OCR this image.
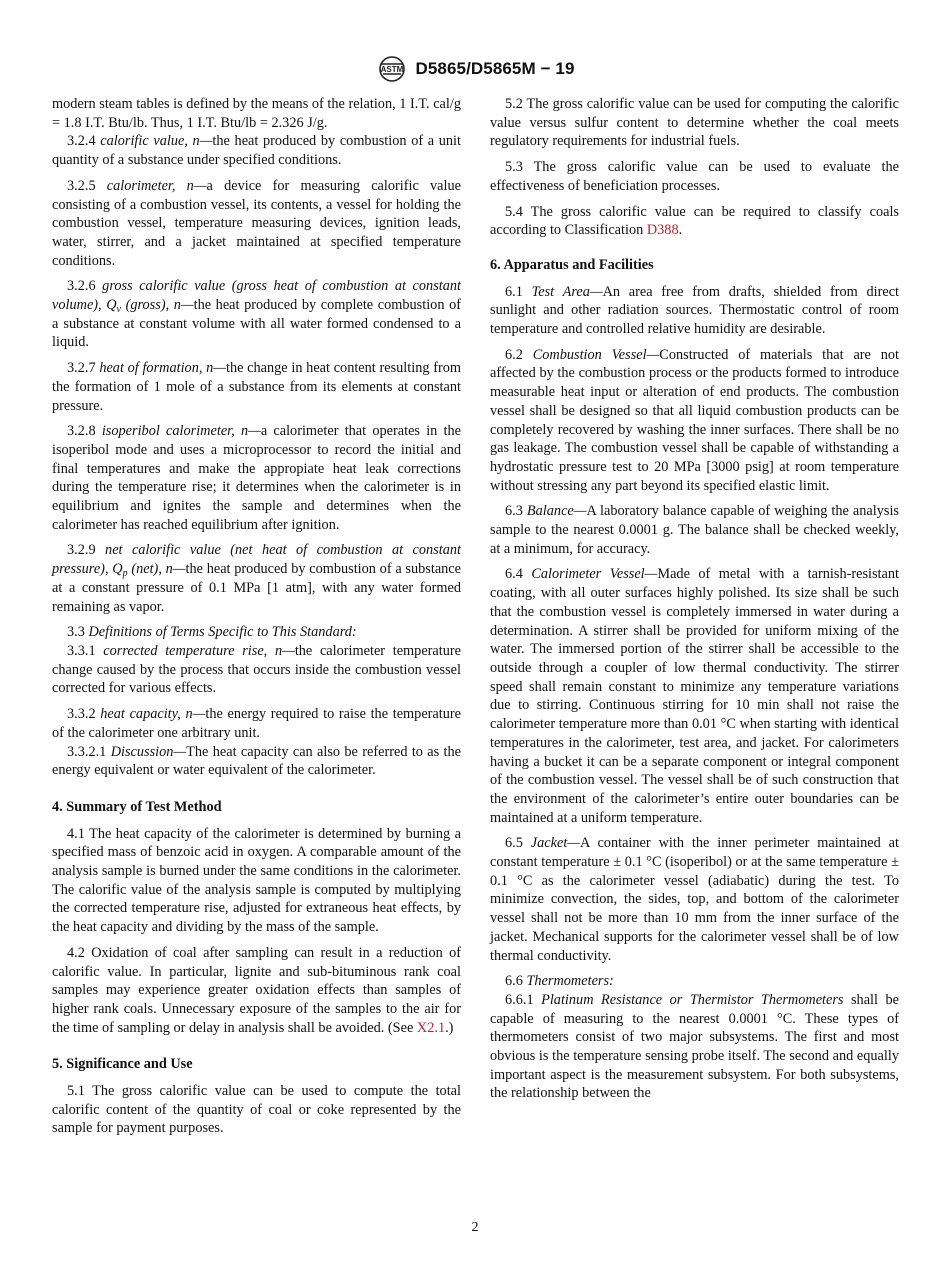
ASTM D5865/D5865M − 19

modern steam tables is defined by the means of the relation, 1 I.T. cal/g = 1.8 I.T. Btu/lb. Thus, 1 I.T. Btu/lb = 2.326 J/g.

3.2.4 calorific value, n—the heat produced by combustion of a unit quantity of a substance under specified conditions.

3.2.5 calorimeter, n—a device for measuring calorific value consisting of a combustion vessel, its contents, a vessel for holding the combustion vessel, temperature measuring devices, ignition leads, water, stirrer, and a jacket maintained at specified temperature conditions.

3.2.6 gross calorific value (gross heat of combustion at constant volume), $Q_v$ (gross), n—the heat produced by complete combustion of a substance at constant volume with all water formed condensed to a liquid.

3.2.7 heat of formation, n—the change in heat content resulting from the formation of 1 mole of a substance from its elements at constant pressure.

3.2.8 isoperibol calorimeter, n—a calorimeter that operates in the isoperibol mode and uses a microprocessor to record the initial and final temperatures and make the appropiate heat leak corrections during the temperature rise; it determines when the calorimeter is in equilibrium and ignites the sample and determines when the calorimeter has reached equilibrium after ignition.

3.2.9 net calorific value (net heat of combustion at constant pressure), $Q_p$ (net), n—the heat produced by combustion of a substance at a constant pressure of 0.1 MPa [1 atm], with any water formed remaining as vapor.

3.3 Definitions of Terms Specific to This Standard:

3.3.1 corrected temperature rise, n—the calorimeter temperature change caused by the process that occurs inside the combustion vessel corrected for various effects.

3.3.2 heat capacity, n—the energy required to raise the temperature of the calorimeter one arbitrary unit.

3.3.2.1 Discussion—The heat capacity can also be referred to as the energy equivalent or water equivalent of the calorimeter.

4. Summary of Test Method

4.1 The heat capacity of the calorimeter is determined by burning a specified mass of benzoic acid in oxygen. A comparable amount of the analysis sample is burned under the same conditions in the calorimeter. The calorific value of the analysis sample is computed by multiplying the corrected temperature rise, adjusted for extraneous heat effects, by the heat capacity and dividing by the mass of the sample.

4.2 Oxidation of coal after sampling can result in a reduction of calorific value. In particular, lignite and sub-bituminous rank coal samples may experience greater oxidation effects than samples of higher rank coals. Unnecessary exposure of the samples to the air for the time of sampling or delay in analysis shall be avoided. (See X2.1.)

5. Significance and Use

5.1 The gross calorific value can be used to compute the total calorific content of the quantity of coal or coke represented by the sample for payment purposes.

5.2 The gross calorific value can be used for computing the calorific value versus sulfur content to determine whether the coal meets regulatory requirements for industrial fuels.

5.3 The gross calorific value can be used to evaluate the effectiveness of beneficiation processes.

5.4 The gross calorific value can be required to classify coals according to Classification D388.

6. Apparatus and Facilities

6.1 Test Area—An area free from drafts, shielded from direct sunlight and other radiation sources. Thermostatic control of room temperature and controlled relative humidity are desirable.

6.2 Combustion Vessel—Constructed of materials that are not affected by the combustion process or the products formed to introduce measurable heat input or alteration of end products. The combustion vessel shall be designed so that all liquid combustion products can be completely recovered by washing the inner surfaces. There shall be no gas leakage. The combustion vessel shall be capable of withstanding a hydrostatic pressure test to 20 MPa [3000 psig] at room temperature without stressing any part beyond its specified elastic limit.

6.3 Balance—A laboratory balance capable of weighing the analysis sample to the nearest 0.0001 g. The balance shall be checked weekly, at a minimum, for accuracy.

6.4 Calorimeter Vessel—Made of metal with a tarnish-resistant coating, with all outer surfaces highly polished. Its size shall be such that the combustion vessel is completely immersed in water during a determination. A stirrer shall be provided for uniform mixing of the water. The immersed portion of the stirrer shall be accessible to the outside through a coupler of low thermal conductivity. The stirrer speed shall remain constant to minimize any temperature variations due to stirring. Continuous stirring for 10 min shall not raise the calorimeter temperature more than 0.01 °C when starting with identical temperatures in the calorimeter, test area, and jacket. For calorimeters having a bucket it can be a separate component or integral component of the combustion vessel. The vessel shall be of such construction that the environment of the calorimeter’s entire outer boundaries can be maintained at a uniform temperature.

6.5 Jacket—A container with the inner perimeter maintained at constant temperature ± 0.1 °C (isoperibol) or at the same temperature ± 0.1 °C as the calorimeter vessel (adiabatic) during the test. To minimize convection, the sides, top, and bottom of the calorimeter vessel shall not be more than 10 mm from the inner surface of the jacket. Mechanical supports for the calorimeter vessel shall be of low thermal conductivity.

6.6 Thermometers:

6.6.1 Platinum Resistance or Thermistor Thermometers shall be capable of measuring to the nearest 0.0001 °C. These types of thermometers consist of two major subsystems. The first and most obvious is the temperature sensing probe itself. The second and equally important aspect is the measurement subsystem. For both subsystems, the relationship between the

2
